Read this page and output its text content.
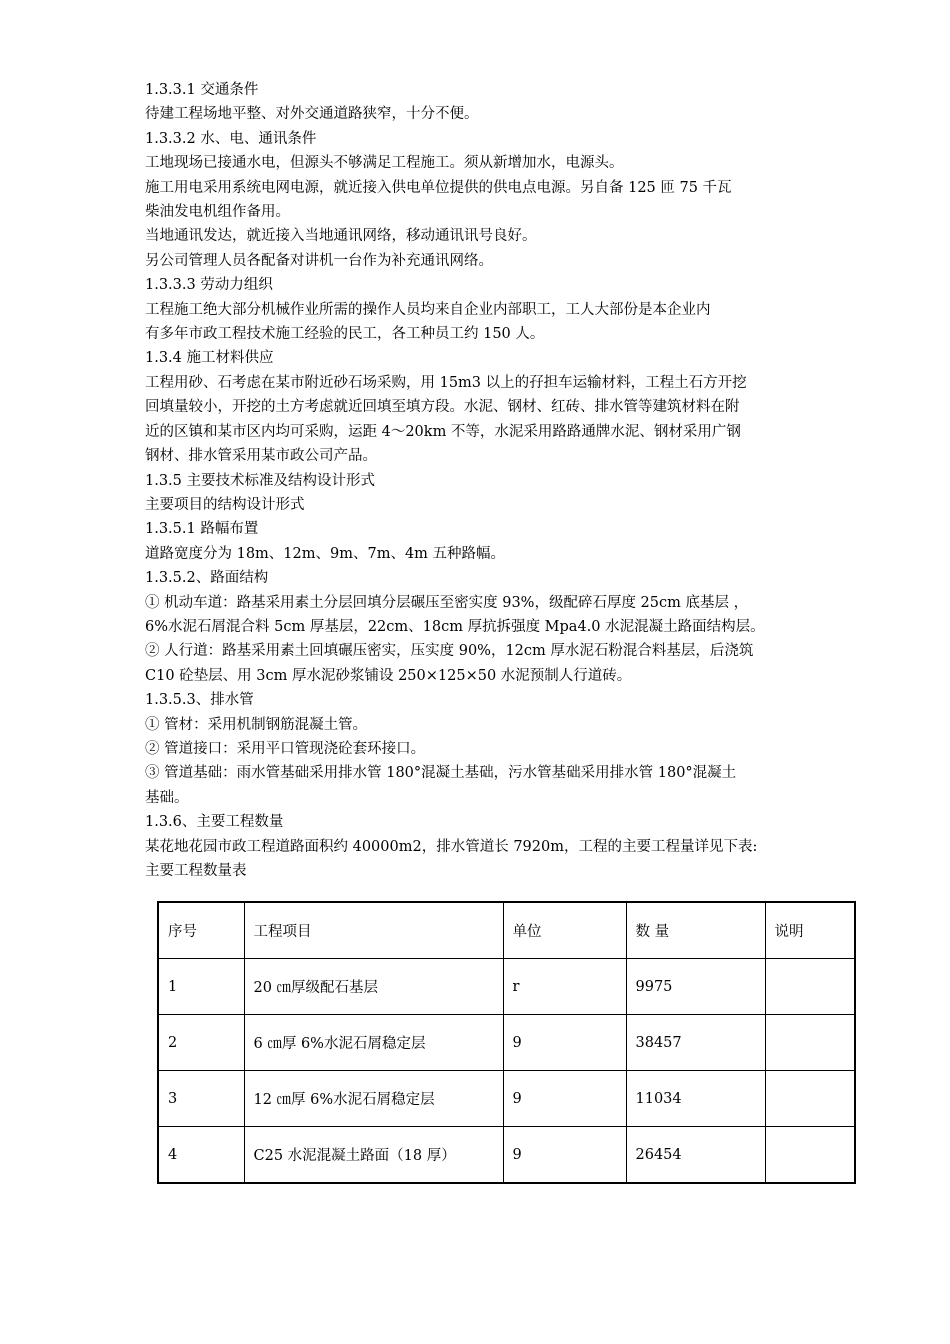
1.3.3.1 交通条件
待建工程场地平整、对外交通道路狭窄，十分不便。
1.3.3.2 水、电、通讯条件
工地现场已接通水电，但源头不够满足工程施工。须从新增加水，电源头。
施工用电采用系统电网电源，就近接入供电单位提供的供电点电源。另自备 125 匝 75 千瓦
柴油发电机组作备用。
当地通讯发达，就近接入当地通讯网络，移动通讯讯号良好。
另公司管理人员各配备对讲机一台作为补充通讯网络。
1.3.3.3 劳动力组织
工程施工绝大部分机械作业所需的操作人员均来自企业内部职工，工人大部份是本企业内
有多年市政工程技术施工经验的民工，各工种员工约 150 人。
1.3.4 施工材料供应
工程用砂、石考虑在某市附近砂石场采购，用 15m3 以上的孖担车运输材料，工程土石方开挖
回填量较小，开挖的土方考虑就近回填至填方段。水泥、钢材、红砖、排水管等建筑材料在附
近的区镇和某市区内均可采购，运距 4～20km 不等，水泥采用路路通牌水泥、钢材采用广钢
钢材、排水管采用某市政公司产品。
1.3.5 主要技术标准及结构设计形式
主要项目的结构设计形式
1.3.5.1 路幅布置
道路宽度分为 18m、12m、9m、7m、4m 五种路幅。
1.3.5.2、路面结构
① 机动车道：路基采用素土分层回填分层碾压至密实度 93%，级配碎石厚度 25cm 底基层 ，
6%水泥石屑混合料 5cm 厚基层，22cm、18cm 厚抗拆强度 Mpa4.0 水泥混凝土路面结构层。
② 人行道：路基采用素土回填碾压密实，压实度 90%，12cm 厚水泥石粉混合料基层，后浇筑
C10 砼垫层、用 3cm 厚水泥砂浆铺设 250×125×50 水泥预制人行道砖。
1.3.5.3、排水管
① 管材：采用机制钢筋混凝土管。
② 管道接口：采用平口管现浇砼套环接口。
③ 管道基础：雨水管基础采用排水管 180°混凝土基础，污水管基础采用排水管 180°混凝土
基础。
1.3.6、主要工程数量
某花地花园市政工程道路面积约 40000m2，排水管道长 7920m，工程的主要工程量详见下表:
主要工程数量表
序号	工程项目	单位	数 量	说明
1	20 ㎝厚级配石基层	r	9975	
2	6 ㎝厚 6%水泥石屑稳定层	9	38457	
3	12 ㎝厚 6%水泥石屑稳定层	9	11034	
4	C25 水泥混凝土路面（18 厚）	9	26454	
